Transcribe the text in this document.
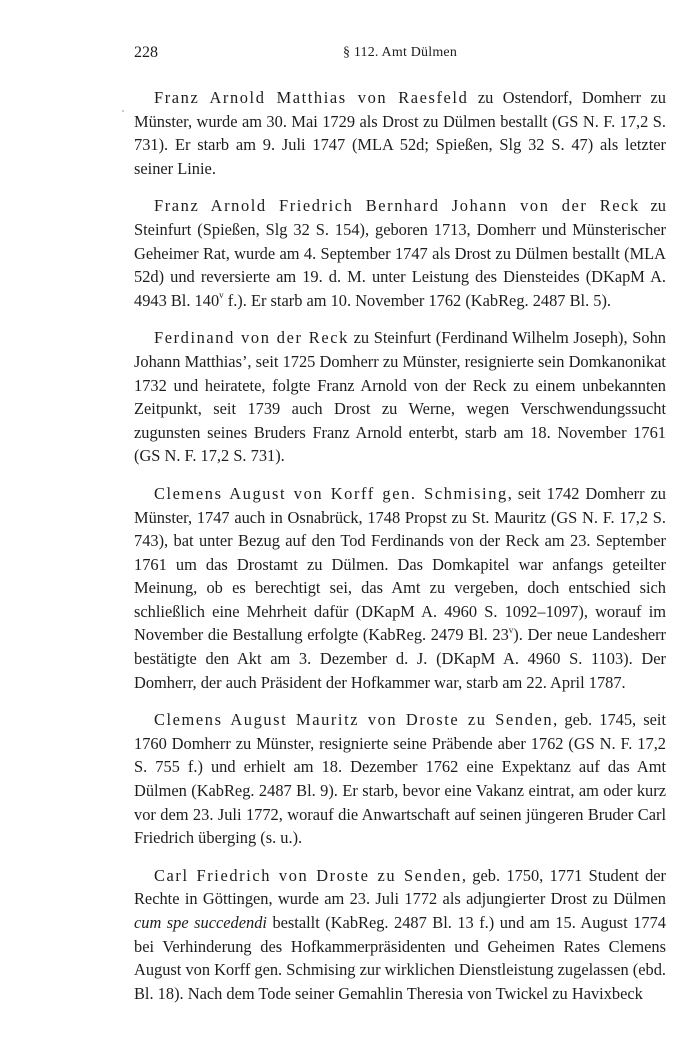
228	§ 112. Amt Dülmen

Franz Arnold Matthias von Raesfeld zu Ostendorf, Domherr zu Münster, wurde am 30. Mai 1729 als Drost zu Dülmen bestallt (GS N. F. 17,2 S. 731). Er starb am 9. Juli 1747 (MLA 52d; Spießen, Slg 32 S. 47) als letzter seiner Linie.

Franz Arnold Friedrich Bernhard Johann von der Reck zu Steinfurt (Spießen, Slg 32 S. 154), geboren 1713, Domherr und Münsterischer Geheimer Rat, wurde am 4. September 1747 als Drost zu Dülmen bestallt (MLA 52d) und reversierte am 19. d. M. unter Leistung des Diensteides (DKapM A. 4943 Bl. 140$^v$ f.). Er starb am 10. November 1762 (KabReg. 2487 Bl. 5).

Ferdinand von der Reck zu Steinfurt (Ferdinand Wilhelm Joseph), Sohn Johann Matthias’, seit 1725 Domherr zu Münster, resignierte sein Domkanonikat 1732 und heiratete, folgte Franz Arnold von der Reck zu einem unbekannten Zeitpunkt, seit 1739 auch Drost zu Werne, wegen Verschwendungssucht zugunsten seines Bruders Franz Arnold enterbt, starb am 18. November 1761 (GS N. F. 17,2 S. 731).

Clemens August von Korff gen. Schmising, seit 1742 Domherr zu Münster, 1747 auch in Osnabrück, 1748 Propst zu St. Mauritz (GS N. F. 17,2 S. 743), bat unter Bezug auf den Tod Ferdinands von der Reck am 23. September 1761 um das Drostamt zu Dülmen. Das Domkapitel war anfangs geteilter Meinung, ob es berechtigt sei, das Amt zu vergeben, doch entschied sich schließlich eine Mehrheit dafür (DKapM A. 4960 S. 1092–1097), worauf im November die Bestallung erfolgte (KabReg. 2479 Bl. 23$^v$). Der neue Landesherr bestätigte den Akt am 3. Dezember d. J. (DKapM A. 4960 S. 1103). Der Domherr, der auch Präsident der Hofkammer war, starb am 22. April 1787.

Clemens August Mauritz von Droste zu Senden, geb. 1745, seit 1760 Domherr zu Münster, resignierte seine Präbende aber 1762 (GS N. F. 17,2 S. 755 f.) und erhielt am 18. Dezember 1762 eine Expektanz auf das Amt Dülmen (KabReg. 2487 Bl. 9). Er starb, bevor eine Vakanz eintrat, am oder kurz vor dem 23. Juli 1772, worauf die Anwartschaft auf seinen jüngeren Bruder Carl Friedrich überging (s. u.).

Carl Friedrich von Droste zu Senden, geb. 1750, 1771 Student der Rechte in Göttingen, wurde am 23. Juli 1772 als adjungierter Drost zu Dülmen cum spe succedendi bestallt (KabReg. 2487 Bl. 13 f.) und am 15. August 1774 bei Verhinderung des Hofkammerpräsidenten und Geheimen Rates Clemens August von Korff gen. Schmising zur wirklichen Dienstleistung zugelassen (ebd. Bl. 18). Nach dem Tode seiner Gemahlin Theresia von Twickel zu Havixbeck
